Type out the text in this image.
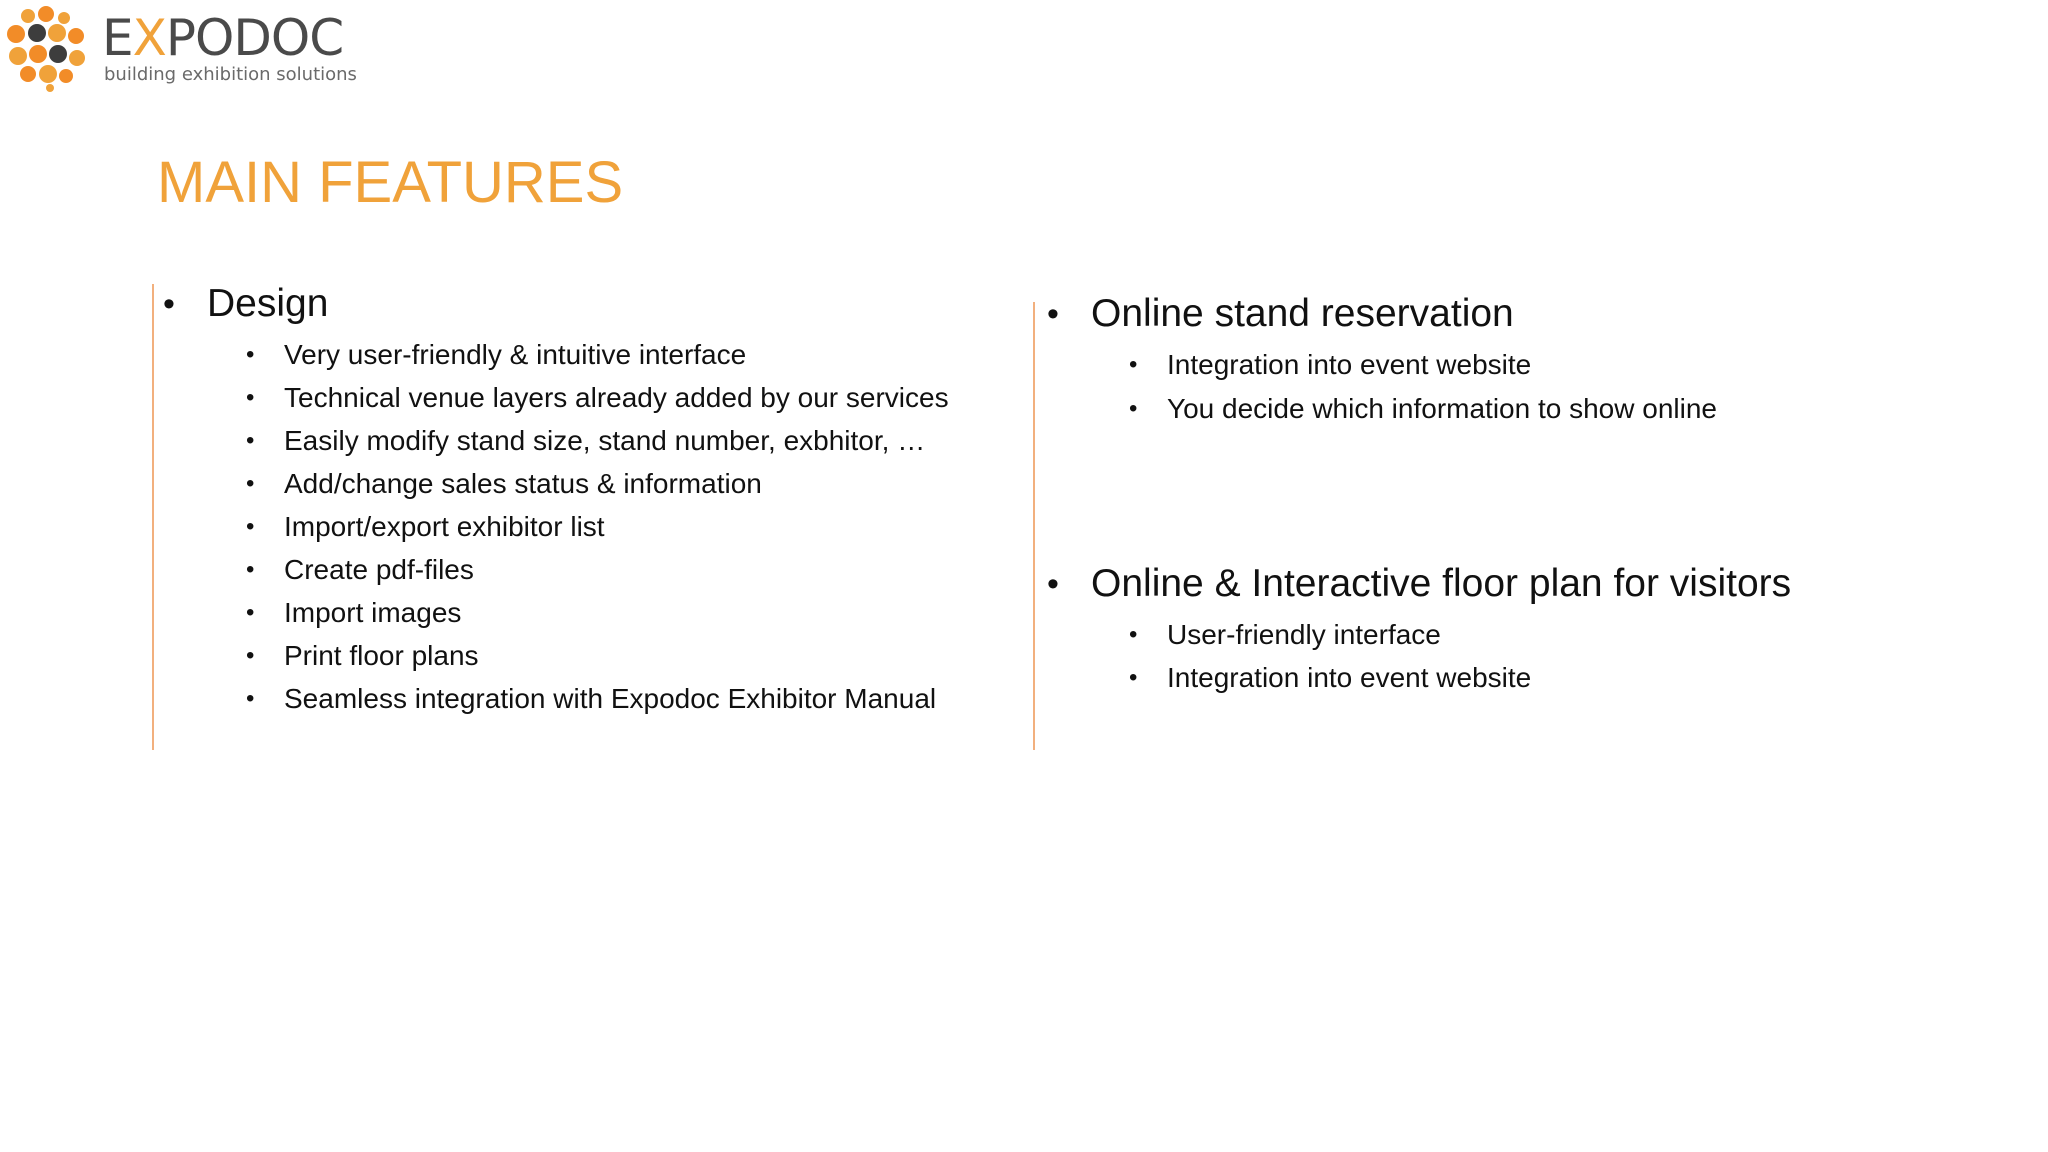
EXPODOC
building exhibition solutions
MAIN FEATURES
• Design
• Very user-friendly & intuitive interface
• Technical venue layers already added by our services
• Easily modify stand size, stand number, exbhitor, …
• Add/change sales status & information
• Import/export exhibitor list
• Create pdf-files
• Import images
• Print floor plans
• Seamless integration with Expodoc Exhibitor Manual
• Online stand reservation
• Integration into event website
• You decide which information to show online
• Online & Interactive floor plan for visitors
• User-friendly interface
• Integration into event website
